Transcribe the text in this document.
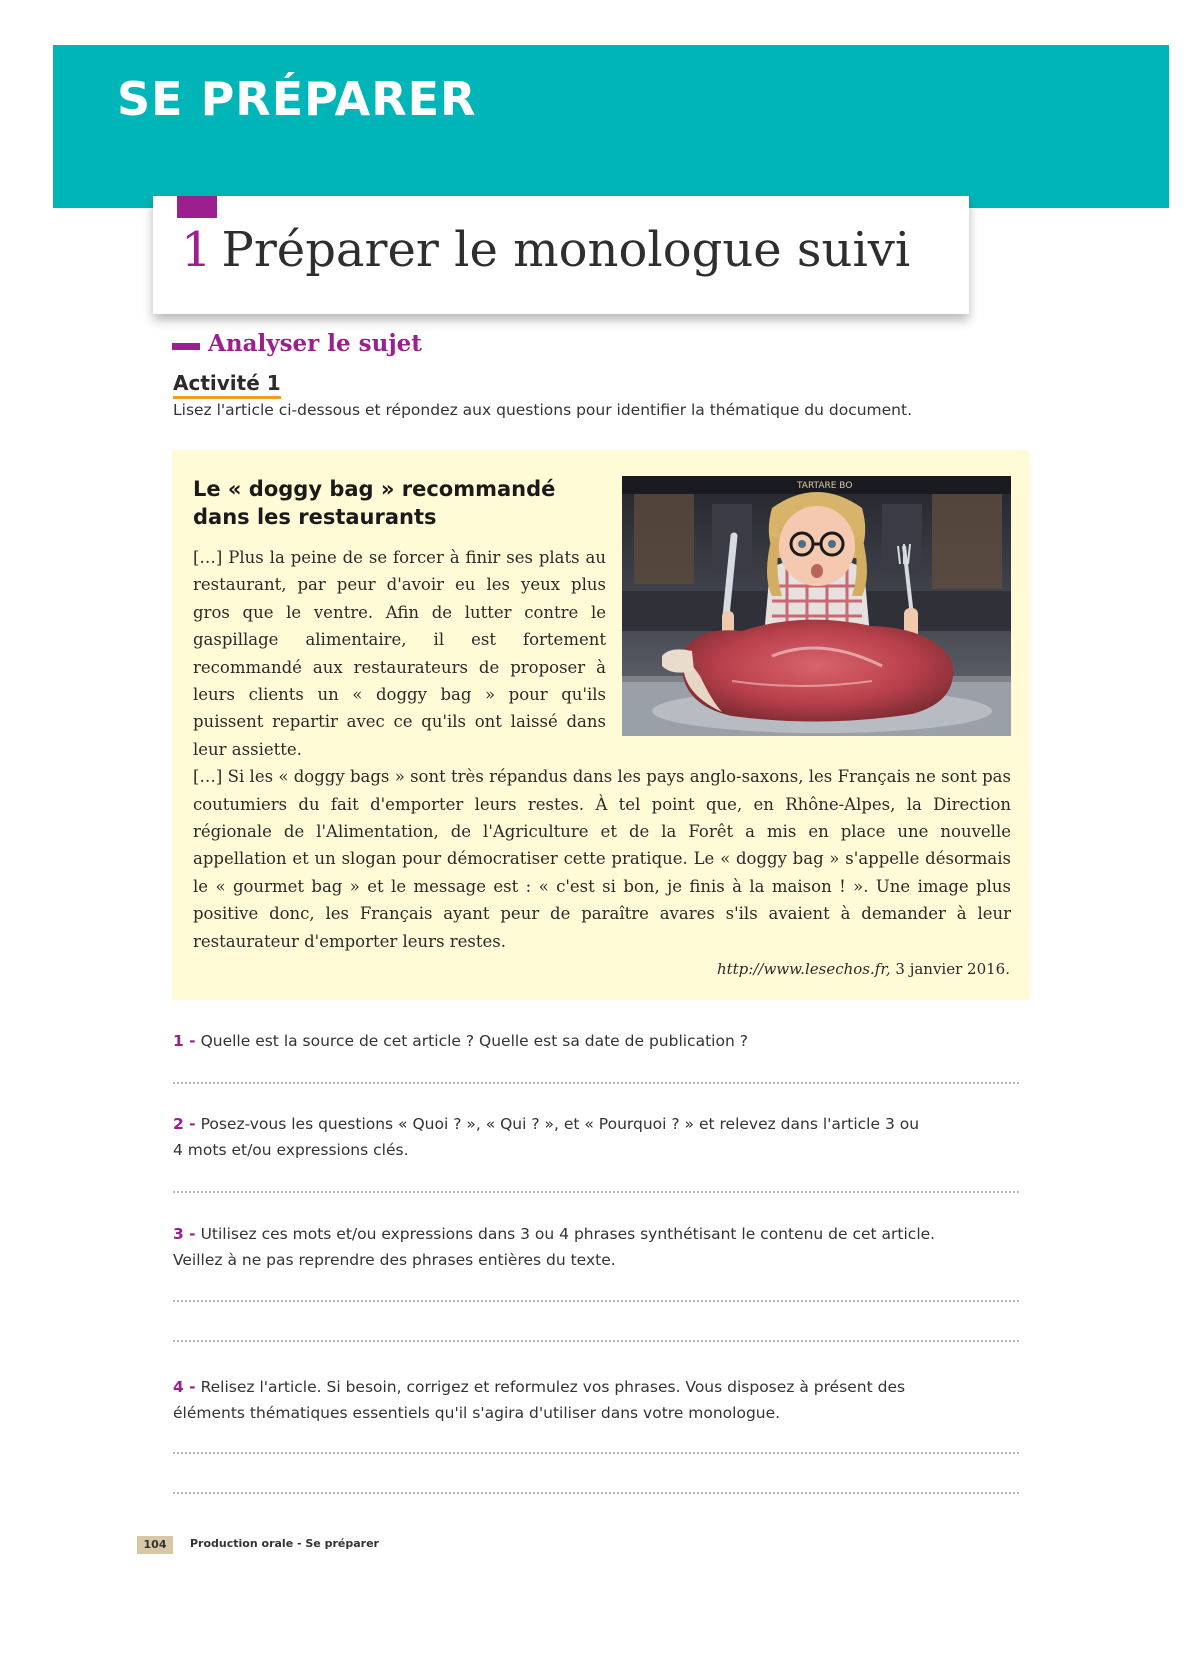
SE PRÉPARER
1 Préparer le monologue suivi
Analyser le sujet
Activité 1

Lisez l'article ci-dessous et répondez aux questions pour identifier la thématique du document.

Le « doggy bag » recommandé dans les restaurants
TARTARE BO

[…] Plus la peine de se forcer à finir ses plats au restaurant, par peur d'avoir eu les yeux plus gros que le ventre. Afin de lutter contre le gaspillage alimentaire, il est fortement recommandé aux restaurateurs de proposer à leurs clients un « doggy bag » pour qu'ils puissent repartir avec ce qu'ils ont laissé dans leur assiette.

[…] Si les « doggy bags » sont très répandus dans les pays anglo-saxons, les Français ne sont pas coutumiers du fait d'emporter leurs restes. À tel point que, en Rhône-Alpes, la Direction régionale de l'Alimentation, de l'Agriculture et de la Forêt a mis en place une nouvelle appellation et un slogan pour démocratiser cette pratique. Le « doggy bag » s'appelle désormais le « gourmet bag » et le message est : « c'est si bon, je finis à la maison ! ». Une image plus positive donc, les Français ayant peur de paraître avares s'ils avaient à demander à leur restaurateur d'emporter leurs restes.

http://www.lesechos.fr, 3 janvier 2016.

1 - Quelle est la source de cet article ? Quelle est sa date de publication ?

2 - Posez-vous les questions « Quoi ? », « Qui ? », et « Pourquoi ? » et relevez dans l'article 3 ou 4 mots et/ou expressions clés.

3 - Utilisez ces mots et/ou expressions dans 3 ou 4 phrases synthétisant le contenu de cet article. Veillez à ne pas reprendre des phrases entières du texte.

4 - Relisez l'article. Si besoin, corrigez et reformulez vos phrases. Vous disposez à présent des éléments thématiques essentiels qu'il s'agira d'utiliser dans votre monologue.

104	Production orale - Se préparer
